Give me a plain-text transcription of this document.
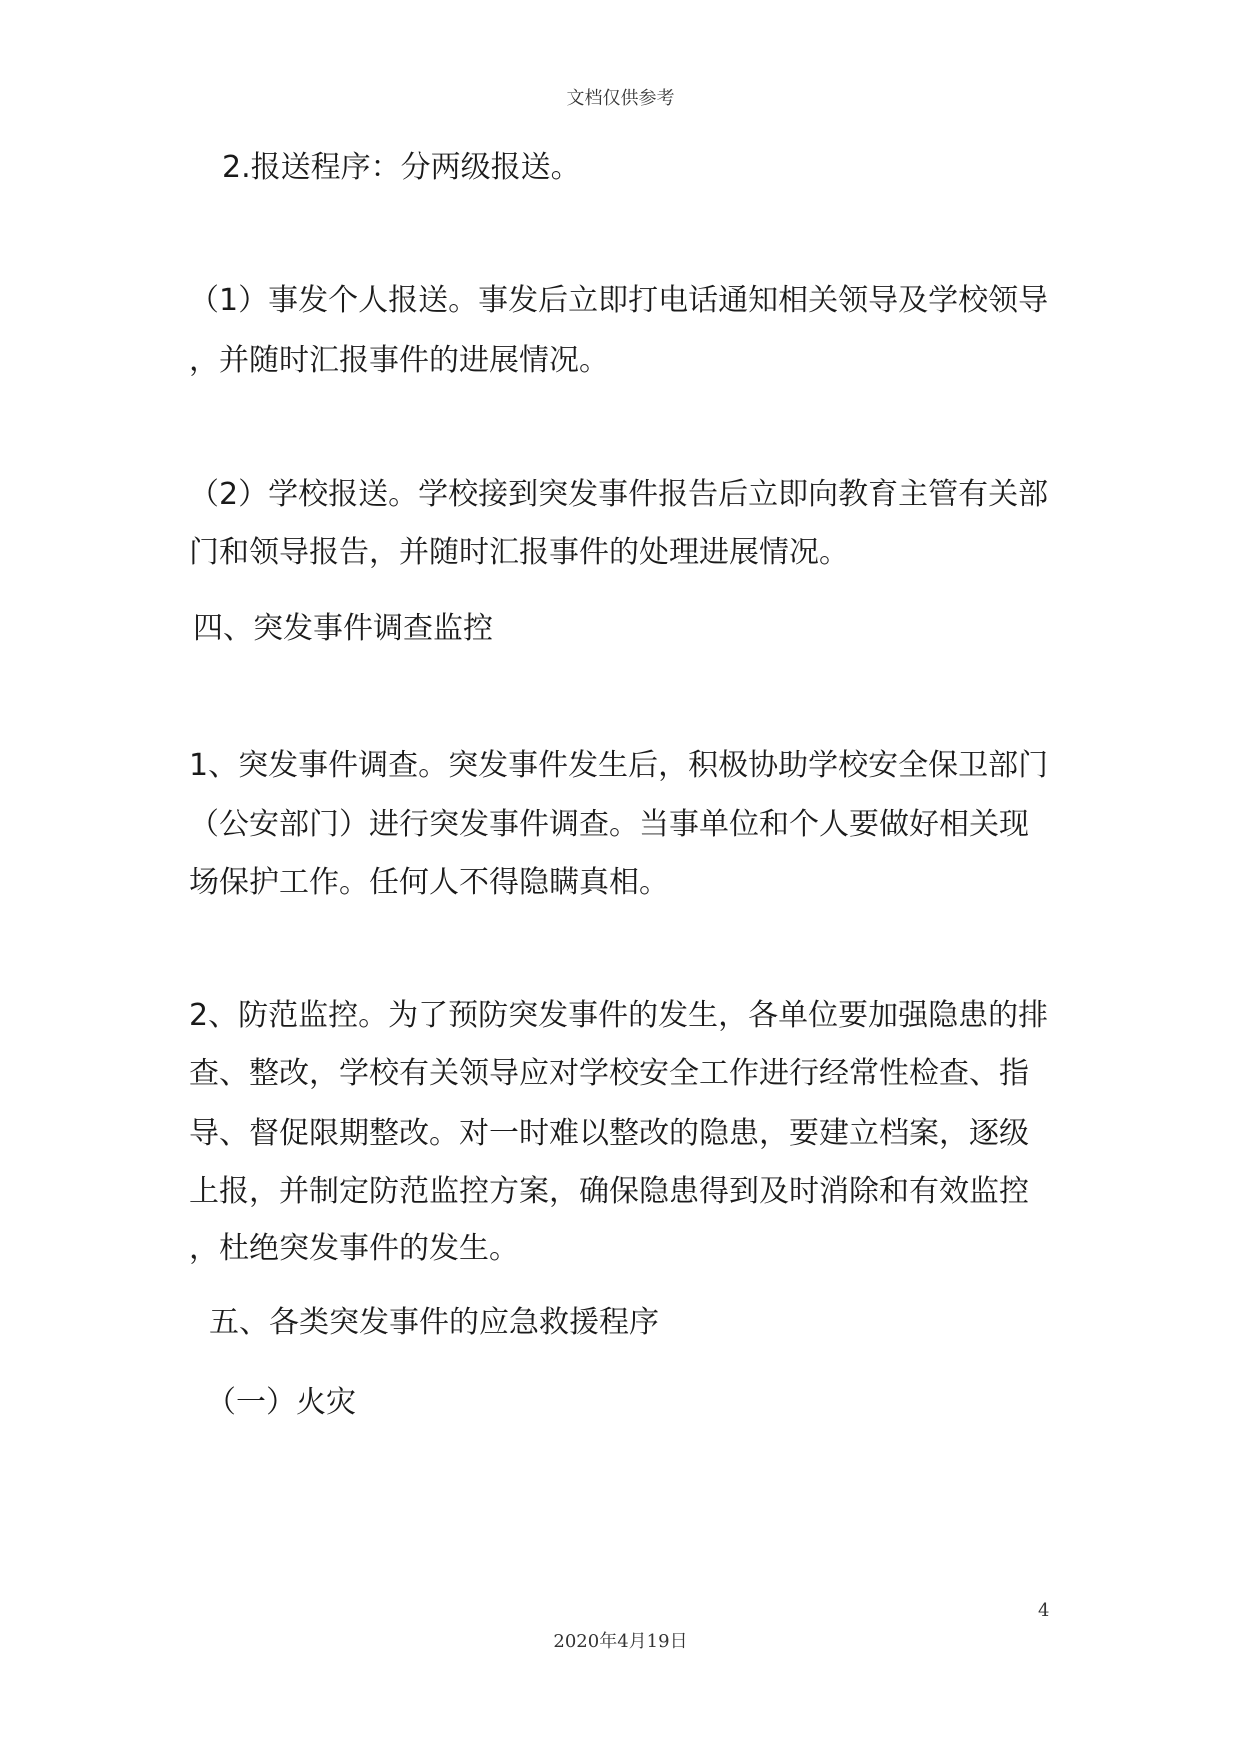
文档仅供参考

2.报送程序：分两级报送。

（1）事发个人报送。事发后立即打电话通知相关领导及学校领导

，并随时汇报事件的进展情况。

（2）学校报送。学校接到突发事件报告后立即向教育主管有关部

门和领导报告，并随时汇报事件的处理进展情况。

四、突发事件调查监控

1、突发事件调查。突发事件发生后，积极协助学校安全保卫部门

（公安部门）进行突发事件调查。当事单位和个人要做好相关现

场保护工作。任何人不得隐瞒真相。

2、防范监控。为了预防突发事件的发生，各单位要加强隐患的排

查、整改，学校有关领导应对学校安全工作进行经常性检查、指

导、督促限期整改。对一时难以整改的隐患，要建立档案，逐级

上报，并制定防范监控方案，确保隐患得到及时消除和有效监控

，杜绝突发事件的发生。

五、各类突发事件的应急救援程序

（一）火灾

4
2020年4月19日
